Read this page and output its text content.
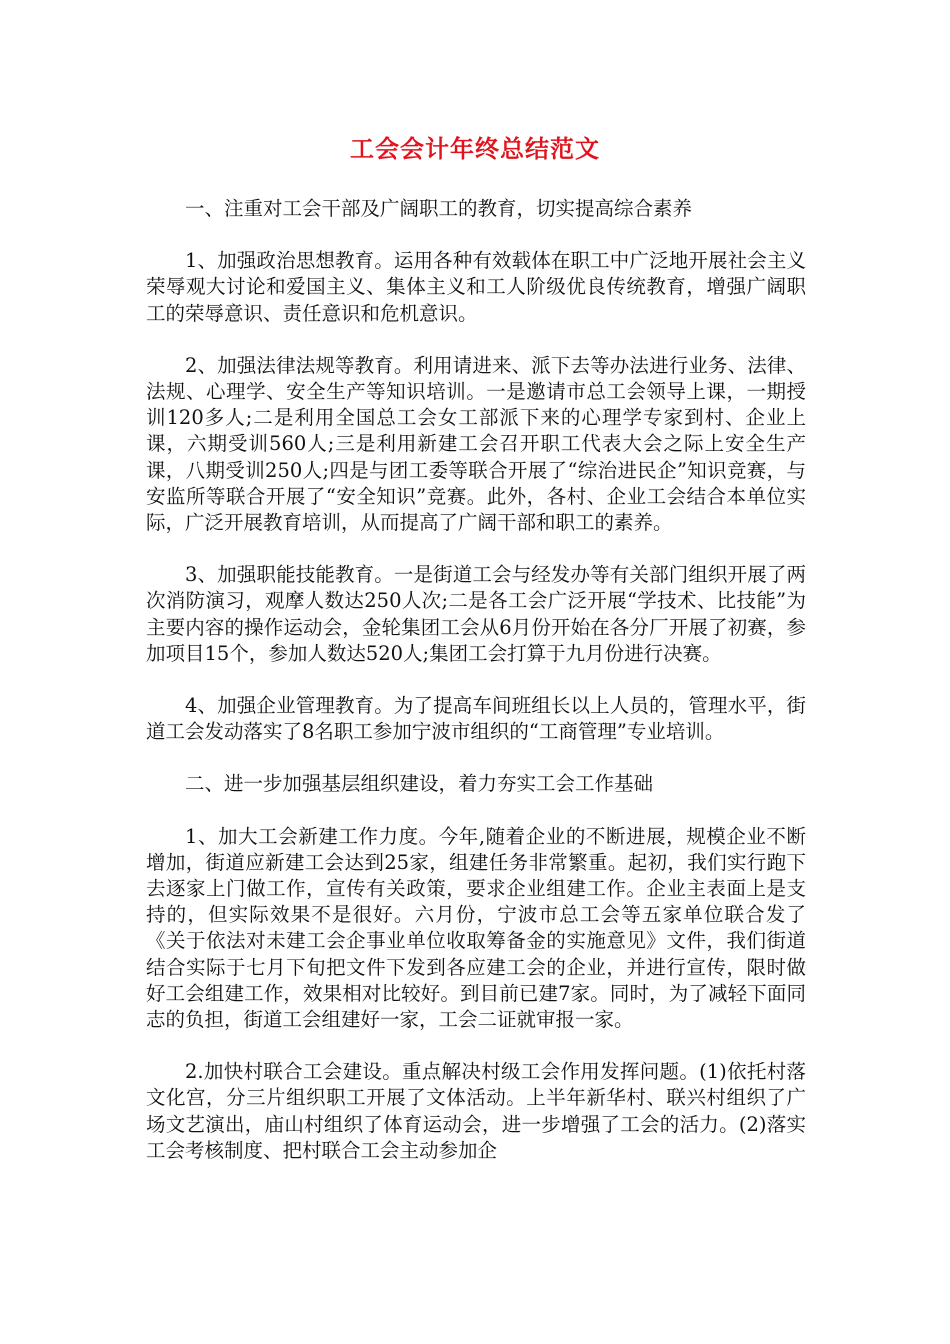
工会会计年终总结范文

一、注重对工会干部及广阔职工的教育，切实提高综合素养

1、加强政治思想教育。运用各种有效载体在职工中广泛地开展社会主义荣辱观大讨论和爱国主义、集体主义和工人阶级优良传统教育，增强广阔职工的荣辱意识、责任意识和危机意识。

2、加强法律法规等教育。利用请进来、派下去等办法进行业务、法律、法规、心理学、安全生产等知识培训。一是邀请市总工会领导上课，一期授训120多人;二是利用全国总工会女工部派下来的心理学专家到村、企业上课，六期受训560人;三是利用新建工会召开职工代表大会之际上安全生产课，八期受训250人;四是与团工委等联合开展了“综治进民企”知识竞赛，与安监所等联合开展了“安全知识”竞赛。此外，各村、企业工会结合本单位实际，广泛开展教育培训，从而提高了广阔干部和职工的素养。

3、加强职能技能教育。一是街道工会与经发办等有关部门组织开展了两次消防演习，观摩人数达250人次;二是各工会广泛开展“学技术、比技能”为主要内容的操作运动会，金轮集团工会从6月份开始在各分厂开展了初赛，参加项目15个，参加人数达520人;集团工会打算于九月份进行决赛。

4、加强企业管理教育。为了提高车间班组长以上人员的，管理水平，街道工会发动落实了8名职工参加宁波市组织的“工商管理”专业培训。

二、进一步加强基层组织建设，着力夯实工会工作基础

1、加大工会新建工作力度。今年,随着企业的不断进展，规模企业不断增加，街道应新建工会达到25家，组建任务非常繁重。起初，我们实行跑下去逐家上门做工作，宣传有关政策，要求企业组建工作。企业主表面上是支持的，但实际效果不是很好。六月份，宁波市总工会等五家单位联合发了《关于依法对未建工会企事业单位收取筹备金的实施意见》文件，我们街道结合实际于七月下旬把文件下发到各应建工会的企业，并进行宣传，限时做好工会组建工作，效果相对比较好。到目前已建7家。同时，为了减轻下面同志的负担，街道工会组建好一家，工会二证就审报一家。

2.加快村联合工会建设。重点解决村级工会作用发挥问题。(1)依托村落文化宫，分三片组织职工开展了文体活动。上半年新华村、联兴村组织了广场文艺演出，庙山村组织了体育运动会，进一步增强了工会的活力。(2)落实工会考核制度、把村联合工会主动参加企
